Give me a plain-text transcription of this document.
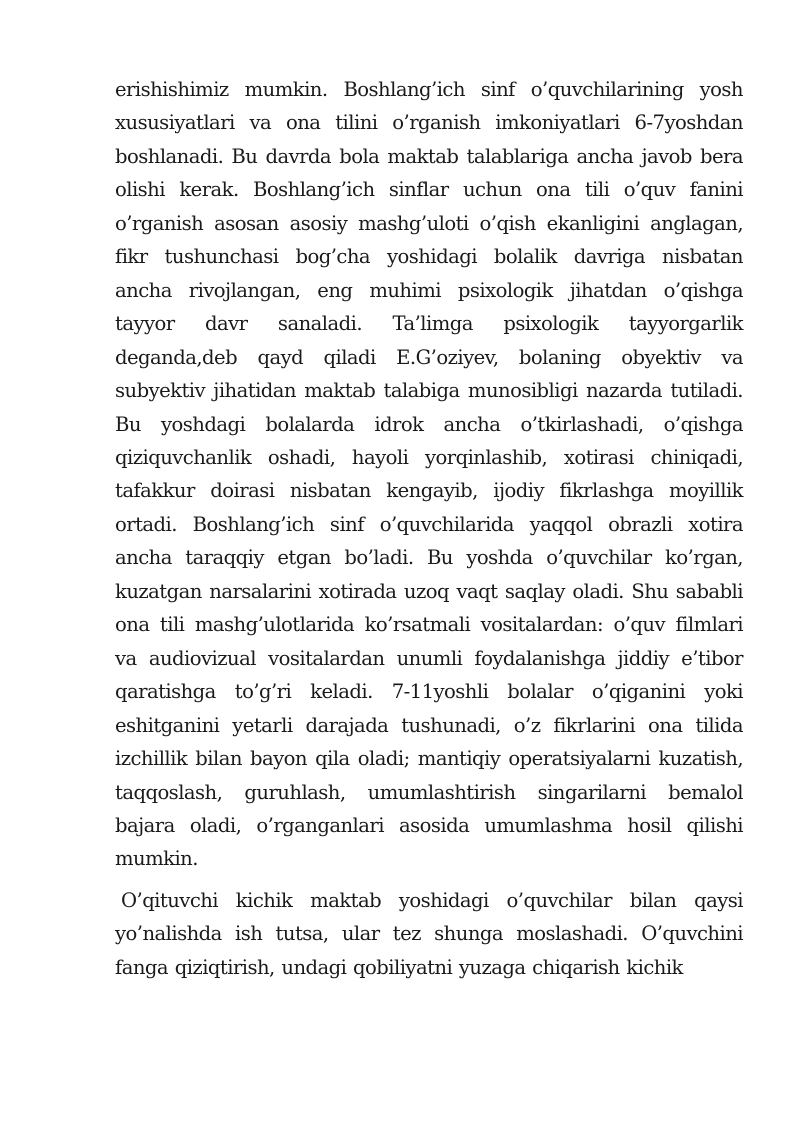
erishishimiz mumkin. Boshlang’ich sinf o’quvchilarining yosh xususiyatlari va ona tilini o’rganish imkoniyatlari 6-7yoshdan boshlanadi. Bu davrda bola maktab talablariga ancha javob bera olishi kerak. Boshlang’ich sinflar uchun ona tili o’quv fanini o’rganish asosan asosiy mashg’uloti o’qish ekanligini anglagan, fikr tushunchasi bog’cha yoshidagi bolalik davriga nisbatan ancha rivojlangan, eng muhimi psixologik jihatdan o’qishga tayyor davr sanaladi. Ta’limga psixologik tayyorgarlik deganda,deb qayd qiladi E.G’oziyev, bolaning obyektiv va subyektiv jihatidan maktab talabiga munosibligi nazarda tutiladi. Bu yoshdagi bolalarda idrok ancha o’tkirlashadi, o’qishga qiziquvchanlik oshadi, hayoli yorqinlashib, xotirasi chiniqadi, tafakkur doirasi nisbatan kengayib, ijodiy fikrlashga moyillik ortadi. Boshlang’ich sinf o’quvchilarida yaqqol obrazli xotira ancha taraqqiy etgan bo’ladi. Bu yoshda o’quvchilar ko’rgan, kuzatgan narsalarini xotirada uzoq vaqt saqlay oladi. Shu sababli ona tili mashg’ulotlarida ko’rsatmali vositalardan: o’quv filmlari va audiovizual vositalardan unumli foydalanishga jiddiy e’tibor qaratishga to’g’ri keladi. 7-11yoshli bolalar o’qiganini yoki eshitganini yetarli darajada tushunadi, o’z fikrlarini ona tilida izchillik bilan bayon qila oladi; mantiqiy operatsiyalarni kuzatish, taqqoslash, guruhlash, umumlashtirish singarilarni bemalol bajara oladi, o’rganganlari asosida umumlashma hosil qilishi mumkin.

O’qituvchi kichik maktab yoshidagi o’quvchilar bilan qaysi yo’nalishda ish tutsa, ular tez shunga moslashadi. O’quvchini fanga qiziqtirish, undagi qobiliyatni yuzaga chiqarish kichik
